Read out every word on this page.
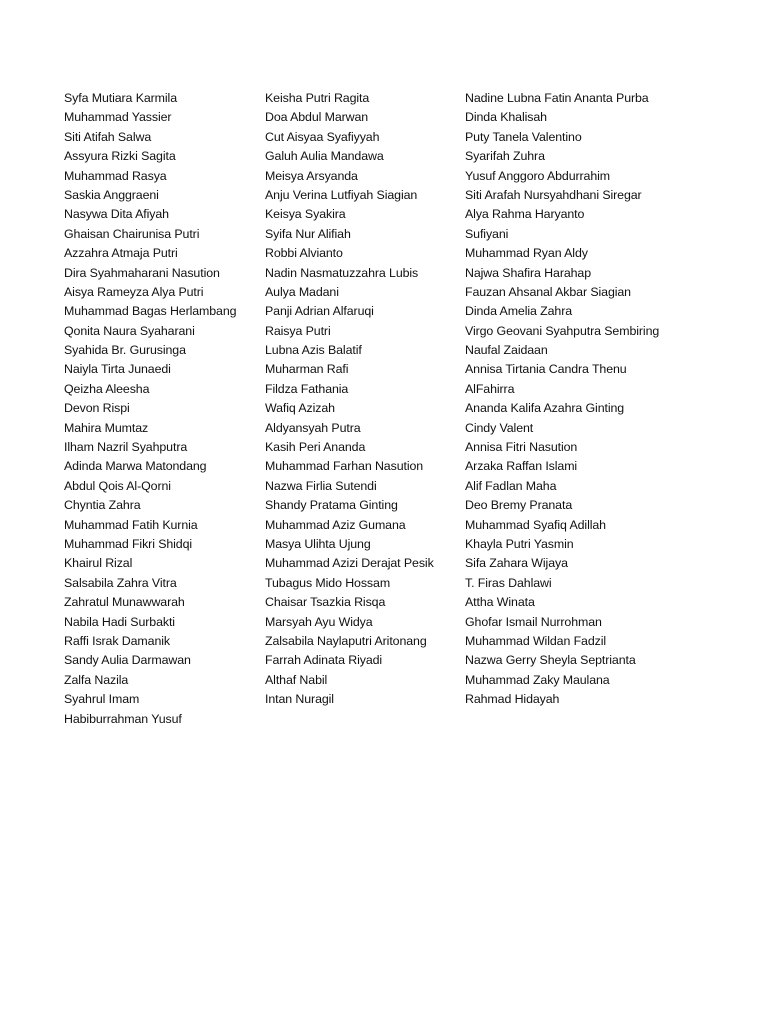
Syfa Mutiara Karmila
Muhammad Yassier
Siti Atifah Salwa
Assyura Rizki Sagita
Muhammad Rasya
Saskia Anggraeni
Nasywa Dita Afiyah
Ghaisan Chairunisa Putri
Azzahra Atmaja Putri
Dira Syahmaharani Nasution
Aisya Rameyza Alya Putri
Muhammad Bagas Herlambang
Qonita Naura Syaharani
Syahida Br. Gurusinga
Naiyla Tirta Junaedi
Qeizha Aleesha
Devon Rispi
Mahira Mumtaz
Ilham Nazril Syahputra
Adinda Marwa Matondang
Abdul Qois Al-Qorni
Chyntia Zahra
Muhammad Fatih Kurnia
Muhammad Fikri Shidqi
Khairul Rizal
Salsabila Zahra Vitra
Zahratul Munawwarah
Nabila Hadi Surbakti
Raffi Israk Damanik
Sandy Aulia Darmawan
Zalfa Nazila
Syahrul Imam
Habiburrahman Yusuf
Keisha Putri Ragita
Doa Abdul Marwan
Cut Aisyaa Syafiyyah
Galuh Aulia Mandawa
Meisya Arsyanda
Anju Verina Lutfiyah Siagian
Keisya Syakira
Syifa Nur Alifiah
Robbi Alvianto
Nadin Nasmatuzzahra Lubis
Aulya Madani
Panji Adrian Alfaruqi
Raisya Putri
Lubna Azis Balatif
Muharman Rafi
Fildza Fathania
Wafiq Azizah
Aldyansyah Putra
Kasih Peri Ananda
Muhammad Farhan Nasution
Nazwa Firlia Sutendi
Shandy Pratama Ginting
Muhammad Aziz Gumana
Masya Ulihta Ujung
Muhammad Azizi Derajat Pesik
Tubagus Mido Hossam
Chaisar Tsazkia Risqa
Marsyah Ayu Widya
Zalsabila Naylaputri Aritonang
Farrah Adinata Riyadi
Althaf Nabil
Intan Nuragil
Nadine Lubna Fatin Ananta Purba
Dinda Khalisah
Puty Tanela Valentino
Syarifah Zuhra
Yusuf Anggoro Abdurrahim
Siti Arafah Nursyahdhani Siregar
Alya Rahma Haryanto
Sufiyani
Muhammad Ryan Aldy
Najwa Shafira Harahap
Fauzan Ahsanal Akbar Siagian
Dinda Amelia Zahra
Virgo Geovani Syahputra Sembiring
Naufal Zaidaan
Annisa Tirtania Candra Thenu
AlFahirra
Ananda Kalifa Azahra Ginting
Cindy Valent
Annisa Fitri Nasution
Arzaka Raffan Islami
Alif Fadlan Maha
Deo Bremy Pranata
Muhammad Syafiq Adillah
Khayla Putri Yasmin
Sifa Zahara Wijaya
T. Firas Dahlawi
Attha Winata
Ghofar Ismail Nurrohman
Muhammad Wildan Fadzil
Nazwa Gerry Sheyla Septrianta
Muhammad Zaky Maulana
Rahmad Hidayah
